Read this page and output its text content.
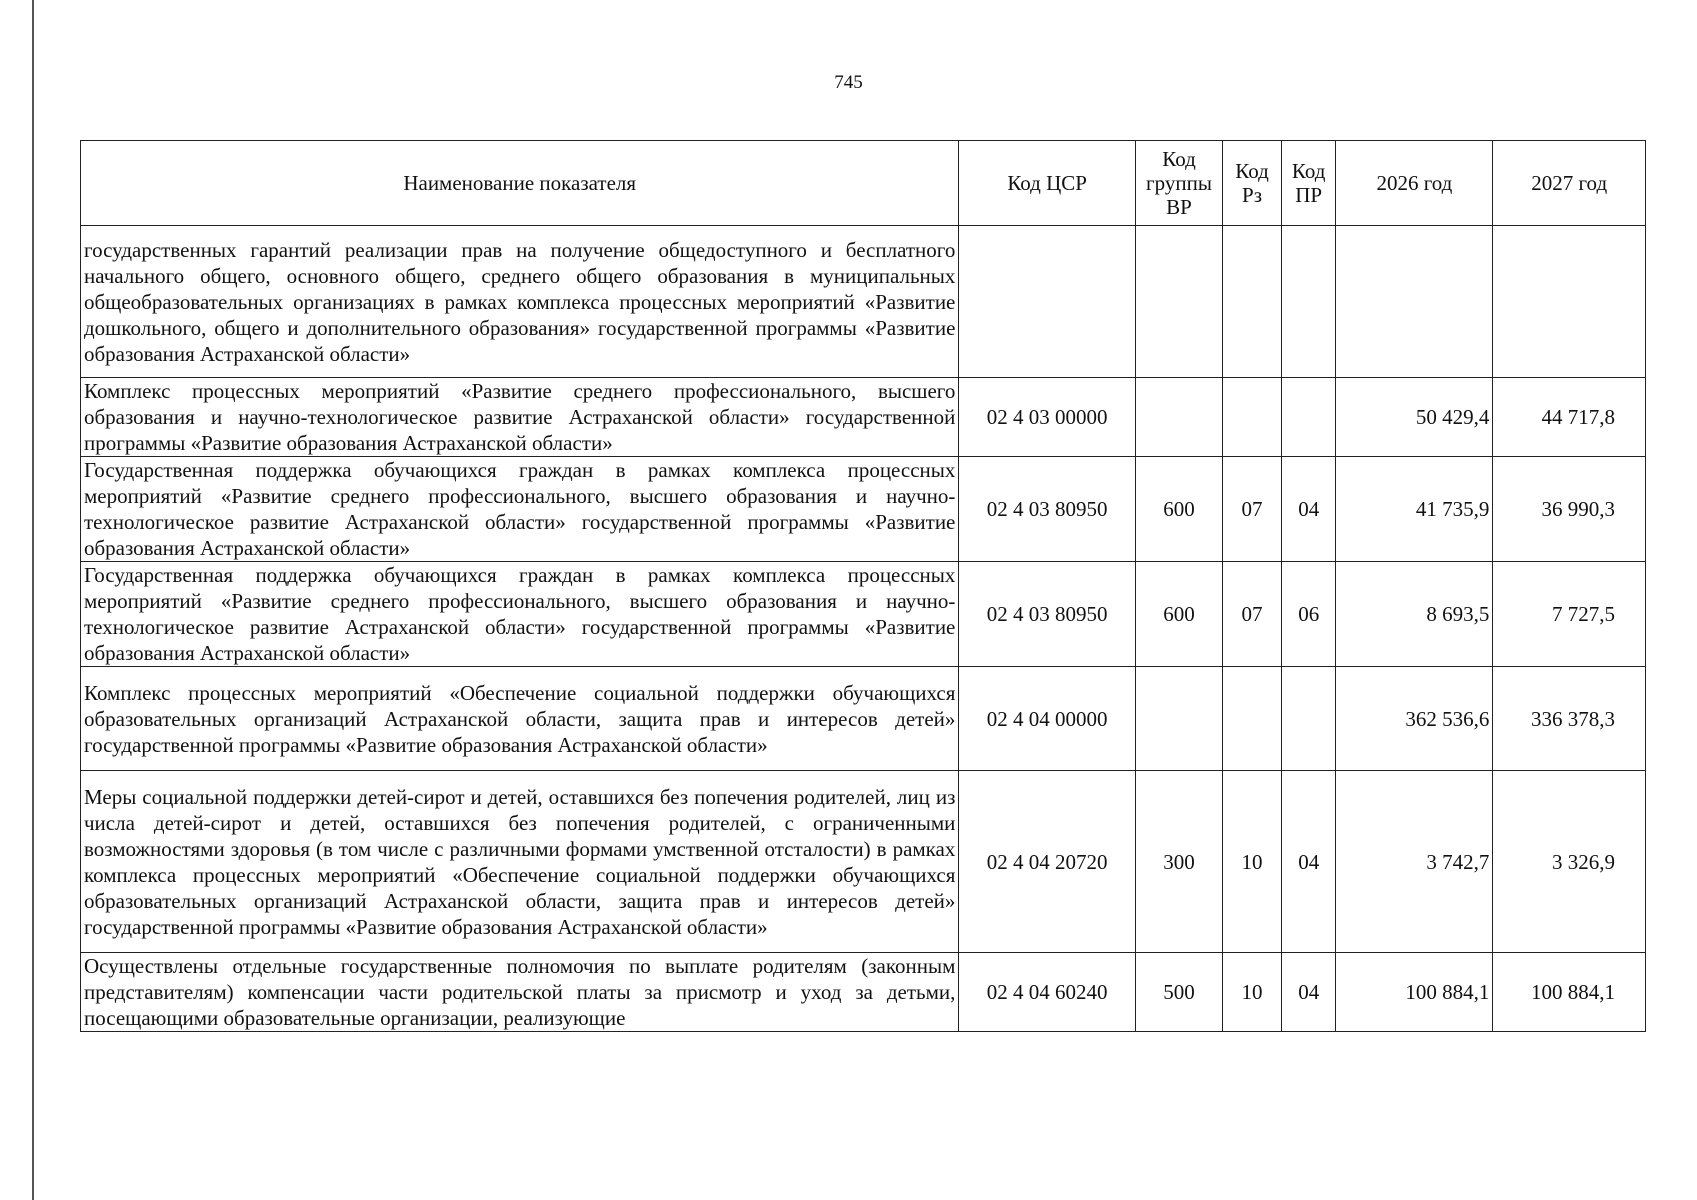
745
Наименование показателя	Код ЦСР	Код группы ВР	Код Рз	Код ПР	2026 год	2027 год
государственных гарантий реализации прав на получение общедоступного и бесплатного начального общего, основного общего, среднего общего образования в муниципальных общеобразовательных организациях в рамках комплекса процессных мероприятий «Развитие дошкольного, общего и дополнительного образования» государственной программы «Развитие образования Астраханской области»						
Комплекс процессных мероприятий «Развитие среднего профессионального, высшего образования и научно-технологическое развитие Астраханской области» государственной программы «Развитие образования Астраханской области»	02 4 03 00000				50 429,4	44 717,8
Государственная поддержка обучающихся граждан в рамках комплекса процессных мероприятий «Развитие среднего профессионального, высшего образования и научно-технологическое развитие Астраханской области» государственной программы «Развитие образования Астраханской области»	02 4 03 80950	600	07	04	41 735,9	36 990,3
Государственная поддержка обучающихся граждан в рамках комплекса процессных мероприятий «Развитие среднего профессионального, высшего образования и научно-технологическое развитие Астраханской области» государственной программы «Развитие образования Астраханской области»	02 4 03 80950	600	07	06	8 693,5	7 727,5
Комплекс процессных мероприятий «Обеспечение социальной поддержки обучающихся образовательных организаций Астраханской области, защита прав и интересов детей» государственной программы «Развитие образования Астраханской области»	02 4 04 00000				362 536,6	336 378,3
Меры социальной поддержки детей-сирот и детей, оставшихся без попечения родителей, лиц из числа детей-сирот и детей, оставшихся без попечения родителей, с ограниченными возможностями здоровья (в том числе с различными формами умственной отсталости) в рамках комплекса процессных мероприятий «Обеспечение социальной поддержки обучающихся образовательных организаций Астраханской области, защита прав и интересов детей» государственной программы «Развитие образования Астраханской области»	02 4 04 20720	300	10	04	3 742,7	3 326,9
Осуществлены отдельные государственные полномочия по выплате родителям (законным представителям) компенсации части родительской платы за присмотр и уход за детьми, посещающими образовательные организации, реализующие	02 4 04 60240	500	10	04	100 884,1	100 884,1
